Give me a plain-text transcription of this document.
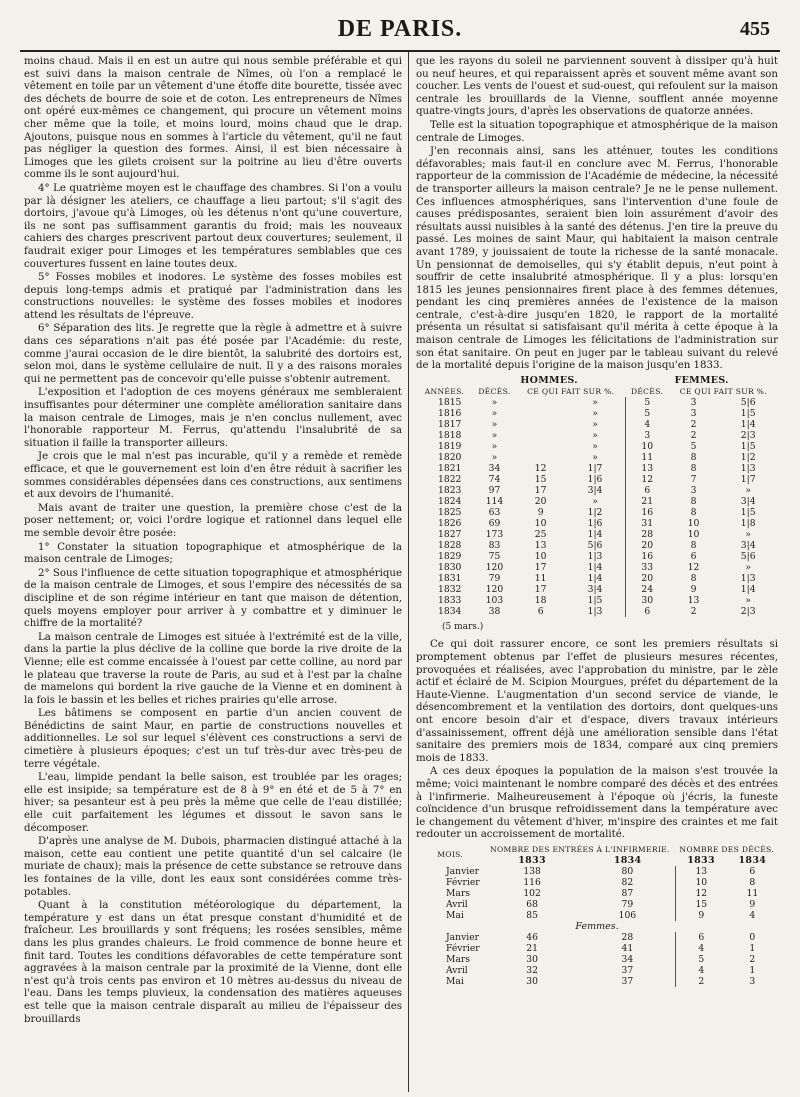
DE PARIS.	455

moins chaud. Mais il en est un autre qui nous semble préférable et qui est suivi dans la maison centrale de Nîmes, où l'on a remplacé le vêtement en toile par un vêtement d'une étoffe dite bourette, tissée avec des déchets de bourre de soie et de coton. Les entrepreneurs de Nîmes ont opéré eux-mêmes ce changement, qui procure un vêtement moins cher même que la toile, et moins lourd, moins chaud que le drap. Ajoutons, puisque nous en sommes à l'article du vêtement, qu'il ne faut pas négliger la question des formes. Ainsi, il est bien nécessaire à Limoges que les gilets croisent sur la poitrine au lieu d'être ouverts comme ils le sont aujourd'hui.

4° Le quatrième moyen est le chauffage des chambres. Si l'on a voulu par là désigner les ateliers, ce chauffage a lieu partout; s'il s'agit des dortoirs, j'avoue qu'à Limoges, où les détenus n'ont qu'une couverture, ils ne sont pas suffisamment garantis du froid; mais les nouveaux cahiers des charges prescrivent partout deux couvertures; seulement, il faudrait exiger pour Limoges et les températures semblables que ces couvertures fussent en laine toutes deux.

5° Fosses mobiles et inodores. Le système des fosses mobiles est depuis long-temps admis et pratiqué par l'administration dans les constructions nouvelles: le système des fosses mobiles et inodores attend les résultats de l'épreuve.

6° Séparation des lits. Je regrette que la règle à admettre et à suivre dans ces séparations n'ait pas été posée par l'Académie: du reste, comme j'aurai occasion de le dire bientôt, la salubrité des dortoirs est, selon moi, dans le système cellulaire de nuit. Il y a des raisons morales qui ne permettent pas de concevoir qu'elle puisse s'obtenir autrement.

L'exposition et l'adoption de ces moyens généraux me sembleraient insuffisantes pour déterminer une complète amélioration sanitaire dans la maison centrale de Limoges, mais je n'en conclus nullement, avec l'honorable rapporteur M. Ferrus, qu'attendu l'insalubrité de sa situation il faille la transporter ailleurs.

Je crois que le mal n'est pas incurable, qu'il y a remède et remède efficace, et que le gouvernement est loin d'en être réduit à sacrifier les sommes considérables dépensées dans ces constructions, aux sentimens et aux devoirs de l'humanité.

Mais avant de traiter une question, la première chose c'est de la poser nettement; or, voici l'ordre logique et rationnel dans lequel elle me semble devoir être posée:

1° Constater la situation topographique et atmosphérique de la maison centrale de Limoges;

2° Sous l'influence de cette situation topographique et atmosphérique de la maison centrale de Limoges, et sous l'empire des nécessités de sa discipline et de son régime intérieur en tant que maison de détention, quels moyens employer pour arriver à y combattre et y diminuer le chiffre de la mortalité?

La maison centrale de Limoges est située à l'extrémité est de la ville, dans la partie la plus déclive de la colline que borde la rive droite de la Vienne; elle est comme encaissée à l'ouest par cette colline, au nord par le plateau que traverse la route de Paris, au sud et à l'est par la chaîne de mamelons qui bordent la rive gauche de la Vienne et en dominent à la fois le bassin et les belles et riches prairies qu'elle arrose.

Les bâtimens se composent en partie d'un ancien couvent de Bénédictins de saint Maur, en partie de constructions nouvelles et additionnelles. Le sol sur lequel s'élèvent ces constructions a servi de cimetière à plusieurs époques; c'est un tuf très-dur avec très-peu de terre végétale.

L'eau, limpide pendant la belle saison, est troublée par les orages; elle est insipide; sa température est de 8 à 9° en été et de 5 à 7° en hiver; sa pesanteur est à peu près la même que celle de l'eau distillée; elle cuit parfaitement les légumes et dissout le savon sans le décomposer.

D'après une analyse de M. Dubois, pharmacien distingué attaché à la maison, cette eau contient une petite quantité d'un sel calcaire (le muriate de chaux); mais la présence de cette substance se retrouve dans les fontaines de la ville, dont les eaux sont considérées comme très-potables.

Quant à la constitution météorologique du département, la température y est dans un état presque constant d'humidité et de fraîcheur. Les brouillards y sont fréquens; les rosées sensibles, même dans les plus grandes chaleurs. Le froid commence de bonne heure et finit tard. Toutes les conditions défavorables de cette température sont aggravées à la maison centrale par la proximité de la Vienne, dont elle n'est qu'à trois cents pas environ et 10 mètres au-dessus du niveau de l'eau. Dans les temps pluvieux, la condensation des matières aqueuses est telle que la maison centrale disparaît au milieu de l'épaisseur des brouillards

que les rayons du soleil ne parviennent souvent à dissiper qu'à huit ou neuf heures, et qui reparaissent après et souvent même avant son coucher. Les vents de l'ouest et sud-ouest, qui refoulent sur la maison centrale les brouillards de la Vienne, soufflent année moyenne quatre-vingts jours, d'après les observations de quatorze années.

Telle est la situation topographique et atmosphérique de la maison centrale de Limoges.

J'en reconnais ainsi, sans les atténuer, toutes les conditions défavorables; mais faut-il en conclure avec M. Ferrus, l'honorable rapporteur de la commission de l'Académie de médecine, la nécessité de transporter ailleurs la maison centrale? Je ne le pense nullement. Ces influences atmosphériques, sans l'intervention d'une foule de causes prédisposantes, seraient bien loin assurément d'avoir des résultats aussi nuisibles à la santé des détenus. J'en tire la preuve du passé. Les moines de saint Maur, qui habitaient la maison centrale avant 1789, y jouissaient de toute la richesse de la santé monacale. Un pensionnat de demoiselles, qui s'y établit depuis, n'eut point à souffrir de cette insalubrité atmosphérique. Il y a plus: lorsqu'en 1815 les jeunes pensionnaires firent place à des femmes détenues, pendant les cinq premières années de l'existence de la maison centrale, c'est-à-dire jusqu'en 1820, le rapport de la mortalité présenta un résultat si satisfaisant qu'il mérita à cette époque à la maison centrale de Limoges les félicitations de l'administration sur son état sanitaire. On peut en juger par le tableau suivant du relevé de la mortalité depuis l'origine de la maison jusqu'en 1833.

	HOMMES.			FEMMES.		
ANNÉES.	DÉCÈS.	CE QUI FAIT SUR %.		DÉCÈS.	CE QUI FAIT SUR %.	
1815	»		»	5	3	5|6
1816	»		»	5	3	1|5
1817	»		»	4	2	1|4
1818	»		»	3	2	2|3
1819	»		»	10	5	1|5
1820	»		»	11	8	1|2
1821	34	12	1|7	13	8	1|3
1822	74	15	1|6	12	7	1|7
1823	97	17	3|4	6	3	»
1824	114	20	»	21	8	3|4
1825	63	9	1|2	16	8	1|5
1826	69	10	1|6	31	10	1|8
1827	173	25	1|4	28	10	»
1828	83	13	5|6	20	8	3|4
1829	75	10	1|3	16	6	5|6
1830	120	17	1|4	33	12	»
1831	79	11	1|4	20	8	1|3
1832	120	17	3|4	24	9	1|4
1833	103	18	1|5	30	13	»
1834	38	6	1|3	6	2	2|3
(5 mars.)

Ce qui doit rassurer encore, ce sont les premiers résultats si promptement obtenus par l'effet de plusieurs mesures récentes, provoquées et réalisées, avec l'approbation du ministre, par le zèle actif et éclairé de M. Scipion Mourgues, préfet du département de la Haute-Vienne. L'augmentation d'un second service de viande, le désencombrement et la ventilation des dortoirs, dont quelques-uns ont encore besoin d'air et d'espace, divers travaux intérieurs d'assainissement, offrent déjà une amélioration sensible dans l'état sanitaire des premiers mois de 1834, comparé aux cinq premiers mois de 1833.

A ces deux époques la population de la maison s'est trouvée la même; voici maintenant le nombre comparé des décès et des entrées à l'infirmerie. Malheureusement à l'époque où j'écris, la funeste coïncidence d'un brusque refroidissement dans la température avec le changement du vêtement d'hiver, m'inspire des craintes et me fait redouter un accroissement de mortalité.

MOIS.	NOMBRE DES ENTRÉES À L'INFIRMERIE.		NOMBRE DES DÉCÈS.	
	1833	1834	1833	1834
Janvier	138	80	13	6
Février	116	82	10	8
Mars	102	87	12	11
Avril	68	79	15	9
Mai	85	106	9	4
Femmes.				
Janvier	46	28	6	0
Février	21	41	4	1
Mars	30	34	5	2
Avril	32	37	4	1
Mai	30	37	2	3
